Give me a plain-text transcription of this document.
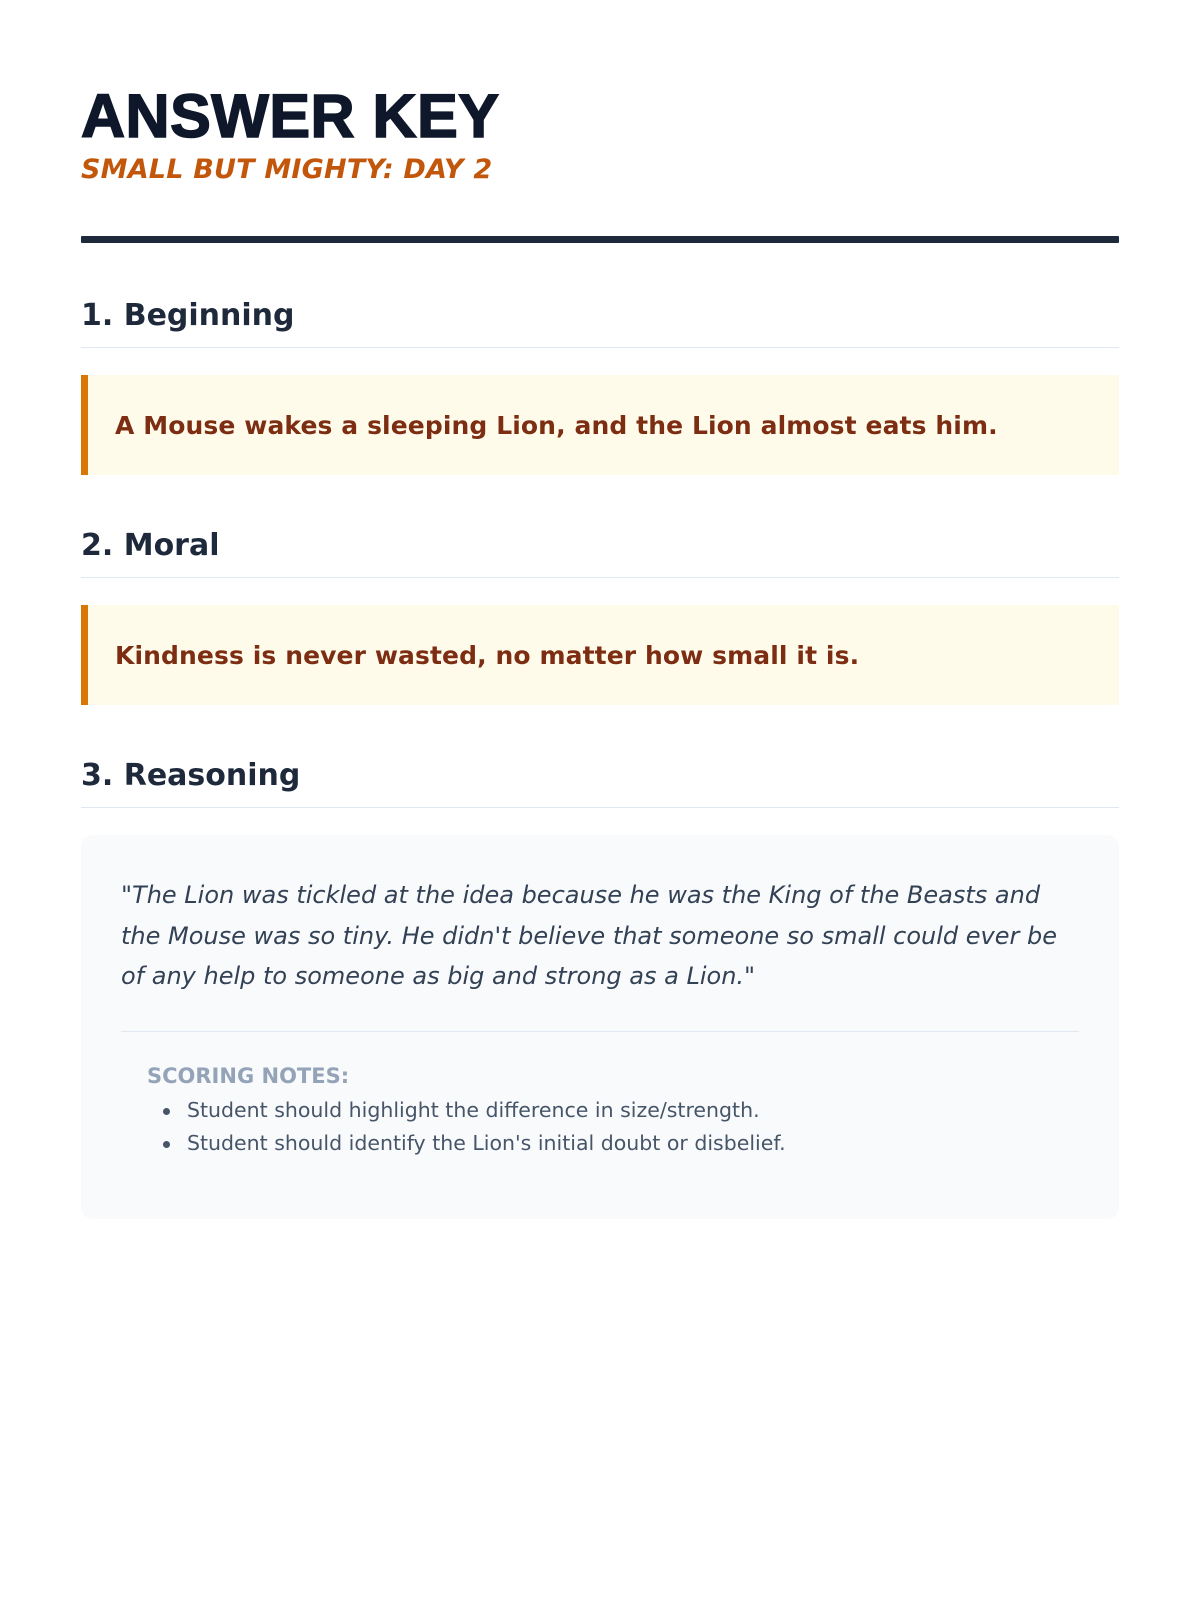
ANSWER KEY

SMALL BUT MIGHTY: DAY 2

1. Beginning
A Mouse wakes a sleeping Lion, and the Lion almost eats him.
2. Moral
Kindness is never wasted, no matter how small it is.
3. Reasoning

"The Lion was tickled at the idea because he was the King of the Beasts and the Mouse was so tiny. He didn't believe that someone so small could ever be of any help to someone as big and strong as a Lion."

SCORING NOTES:

Student should highlight the difference in size/strength.
Student should identify the Lion's initial doubt or disbelief.
